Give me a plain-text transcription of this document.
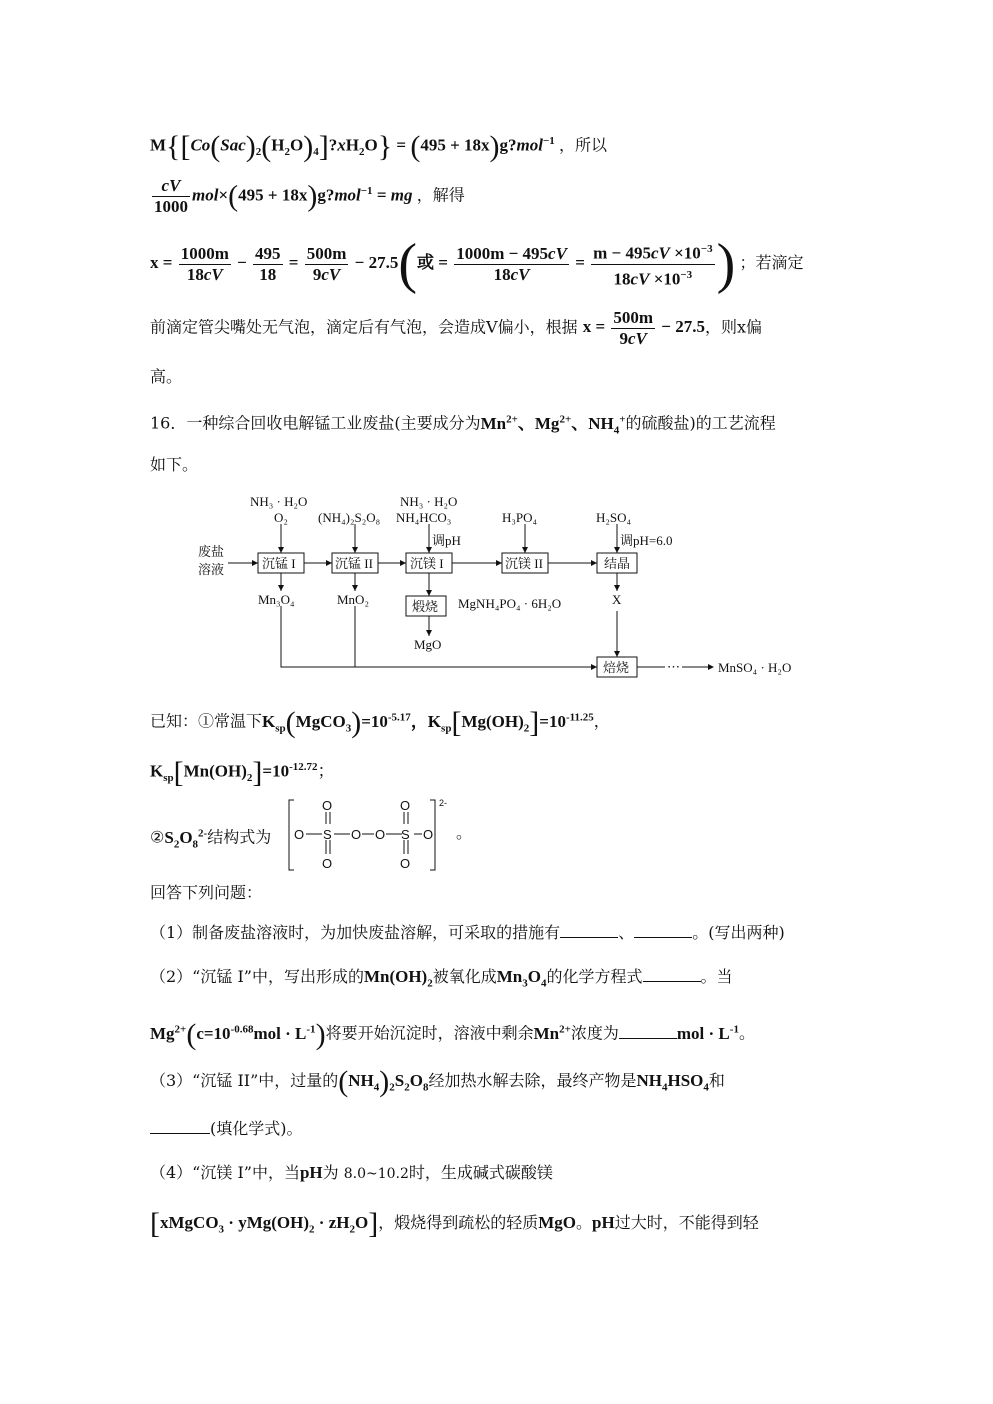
$M\{[Co(Sac)_2(H_2O)_4]?xH_2O\} = (495$ + 18x)g?mol$^{-1}$ ，所以
$\frac{cV}{1000} mol\times(495$ + 18x)g?mol$^{-1}$ = mg ，解得
$x = \frac{1000m}{18cV} - \frac{495}{18} = \frac{500m}{9cV} - 27.5$(或 = $\frac{1000m - 495cV}{18cV} = \frac{m - 495cV \times 10^{-3}}{18cV \times 10^{-3}}$ ) ；若滴定
前滴定管尖嘴处无气泡，滴定后有气泡，会造成V偏小，根据 $x = \frac{500m}{9cV} - 27.5$，则x偏
高。
16．一种综合回收电解锰工业废盐(主要成分为$Mn^{2+}$、$Mg^{2+}$、$NH_4^+$的硫酸盐)的工艺流程
如下。
废盐
溶液	沉锰 I	沉锰 II	沉镁 I	沉镁 II	结晶
煅烧
焙烧
NH₃ · H₂O
O₂ (NH₄)₂S₂O₈
NH₃ · H₂O
NH₄HCO₃
调pH
H₃PO₄	H₂SO₄
调pH=6.0
Mn₃O₄	MnO₂	MgNH₄PO₄ · 6H₂O
MgO
X
⋯	MnSO₄ · H₂O
已知：①常温下$K_{sp}(MgCO_3)=10^{-5.17}$，$K_{sp}[Mg(OH)_2]=10^{-11.25}$，
$K_{sp}[Mn(OH)_2]=10^{-12.72}$；
$②S_2O_8^{2-}$结构式为
O
O S O O S O
O
O
O
2-
。
回答下列问题：
（1）制备废盐溶液时，为加快废盐溶解，可采取的措施有	、	。(写出两种)
（2）“沉锰 I”中，写出形成的$Mn(OH)_2$被氧化成$Mn_3O_4$的化学方程式	。当
$Mg^{2+}(c=10^{-0.68}mol \cdot L^{-1})$将要开始沉淀时，溶液中剩余$Mn^{2+}$浓度为	mol · $L^{-1}$。
（3）“沉锰 II”中，过量的$(NH_4)_2S_2O_8$经加热水解去除，最终产物是$NH_4HSO_4$和
(填化学式)。
（4）“沉镁 I”中，当pH为 8.0~10.2时，生成碱式碳酸镁
[xMgCO$_3$ · $yMg(OH)_2 \cdot zH_2O$]，煅烧得到疏松的轻质MgO。pH过大时，不能得到轻
